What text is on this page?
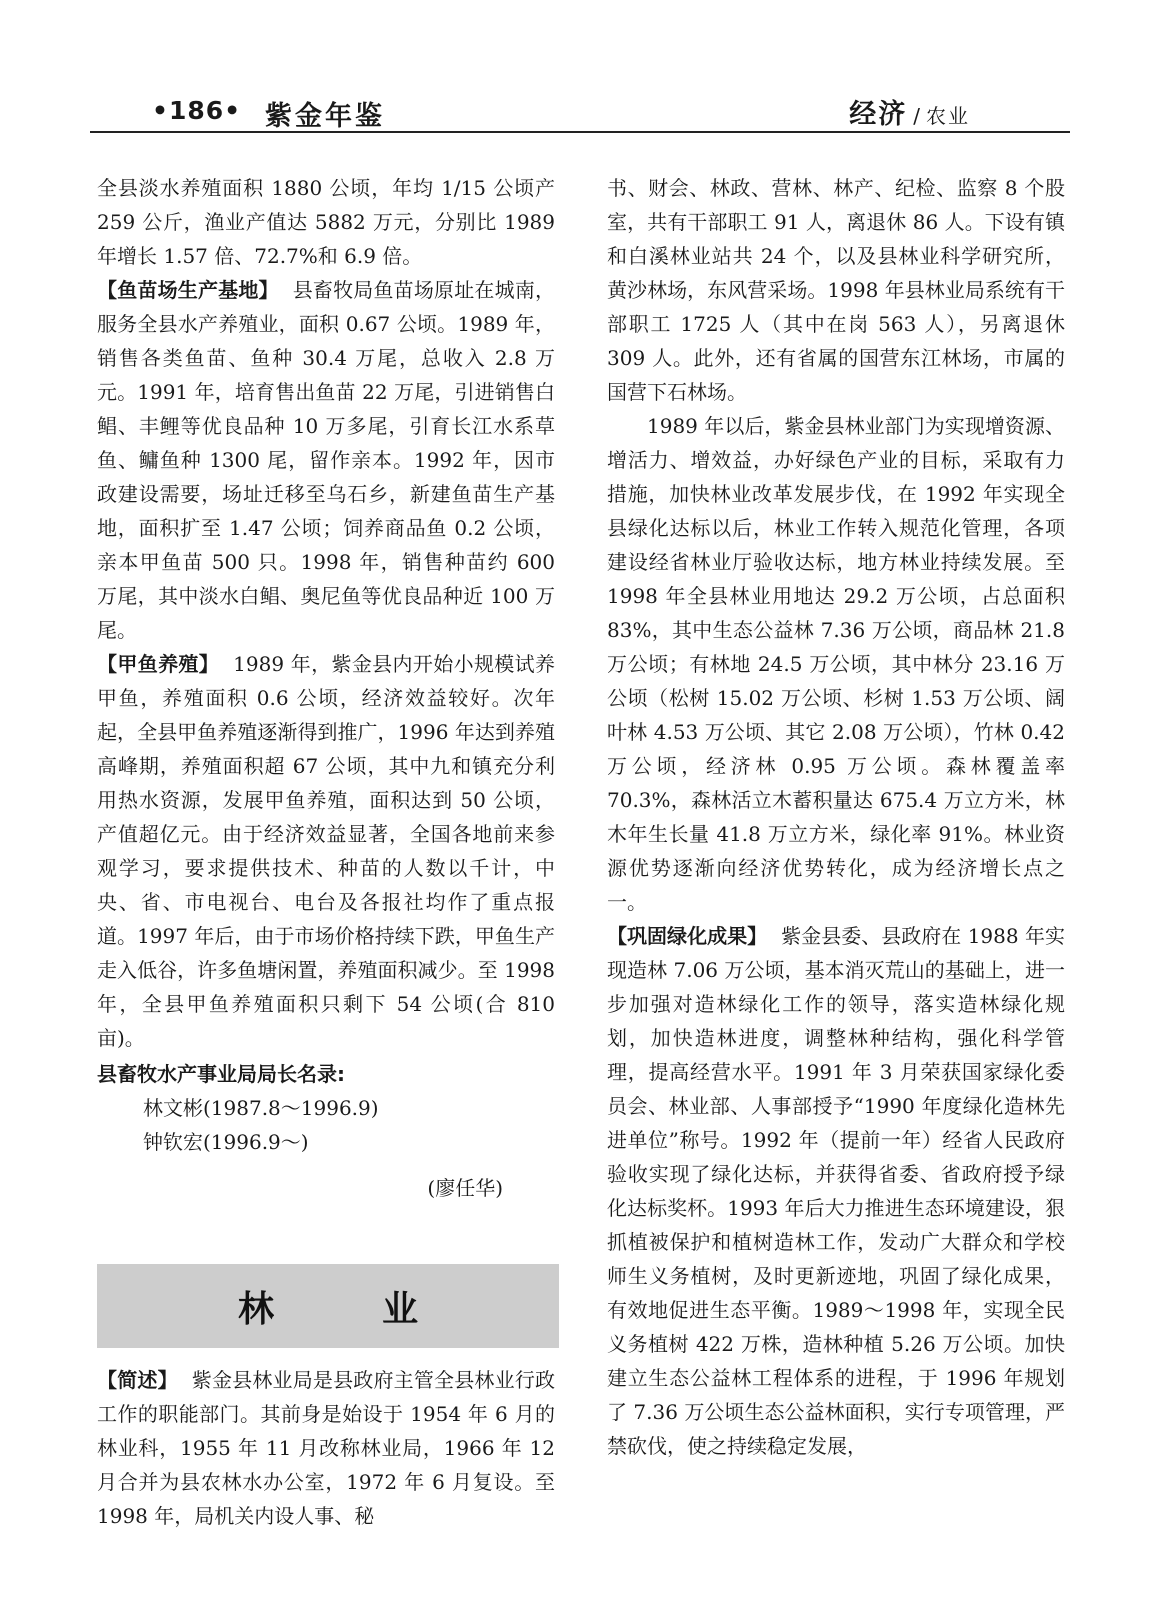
•186• 紫金年鉴	经济 / 农业

全县淡水养殖面积 1880 公顷，年均 1/15 公顷产 259 公斤，渔业产值达 5882 万元，分别比 1989 年增长 1.57 倍、72.7%和 6.9 倍。

【鱼苗场生产基地】 县畜牧局鱼苗场原址在城南，服务全县水产养殖业，面积 0.67 公顷。1989 年，销售各类鱼苗、鱼种 30.4 万尾，总收入 2.8 万元。1991 年，培育售出鱼苗 22 万尾，引进销售白鲳、丰鲤等优良品种 10 万多尾，引育长江水系草鱼、鳙鱼种 1300 尾，留作亲本。1992 年，因市政建设需要，场址迁移至乌石乡，新建鱼苗生产基地，面积扩至 1.47 公顷；饲养商品鱼 0.2 公顷，亲本甲鱼苗 500 只。1998 年，销售种苗约 600 万尾，其中淡水白鲳、奥尼鱼等优良品种近 100 万尾。

【甲鱼养殖】 1989 年，紫金县内开始小规模试养甲鱼，养殖面积 0.6 公顷，经济效益较好。次年起，全县甲鱼养殖逐渐得到推广，1996 年达到养殖高峰期，养殖面积超 67 公顷，其中九和镇充分利用热水资源，发展甲鱼养殖，面积达到 50 公顷，产值超亿元。由于经济效益显著，全国各地前来参观学习，要求提供技术、种苗的人数以千计，中央、省、市电视台、电台及各报社均作了重点报道。1997 年后，由于市场价格持续下跌，甲鱼生产走入低谷，许多鱼塘闲置，养殖面积减少。至 1998 年，全县甲鱼养殖面积只剩下 54 公顷(合 810 亩)。

县畜牧水产事业局局长名录:

林文彬(1987.8～1996.9)

钟钦宏(1996.9～)

(廖任华)

林业

【简述】 紫金县林业局是县政府主管全县林业行政工作的职能部门。其前身是始设于 1954 年 6 月的林业科，1955 年 11 月改称林业局，1966 年 12 月合并为县农林水办公室，1972 年 6 月复设。至 1998 年，局机关内设人事、秘

书、财会、林政、营林、林产、纪检、监察 8 个股室，共有干部职工 91 人，离退休 86 人。下设有镇和白溪林业站共 24 个，以及县林业科学研究所，黄沙林场，东风营采场。1998 年县林业局系统有干部职工 1725 人（其中在岗 563 人），另离退休 309 人。此外，还有省属的国营东江林场，市属的国营下石林场。

1989 年以后，紫金县林业部门为实现增资源、增活力、增效益，办好绿色产业的目标，采取有力措施，加快林业改革发展步伐，在 1992 年实现全县绿化达标以后，林业工作转入规范化管理，各项建设经省林业厅验收达标，地方林业持续发展。至 1998 年全县林业用地达 29.2 万公顷，占总面积 83%，其中生态公益林 7.36 万公顷，商品林 21.8 万公顷；有林地 24.5 万公顷，其中林分 23.16 万公顷（松树 15.02 万公顷、杉树 1.53 万公顷、阔叶林 4.53 万公顷、其它 2.08 万公顷），竹林 0.42 万公顷，经济林 0.95 万公顷。森林覆盖率 70.3%，森林活立木蓄积量达 675.4 万立方米，林木年生长量 41.8 万立方米，绿化率 91%。林业资源优势逐渐向经济优势转化，成为经济增长点之一。

【巩固绿化成果】 紫金县委、县政府在 1988 年实现造林 7.06 万公顷，基本消灭荒山的基础上，进一步加强对造林绿化工作的领导，落实造林绿化规划，加快造林进度，调整林种结构，强化科学管理，提高经营水平。1991 年 3 月荣获国家绿化委员会、林业部、人事部授予“1990 年度绿化造林先进单位”称号。1992 年（提前一年）经省人民政府验收实现了绿化达标，并获得省委、省政府授予绿化达标奖杯。1993 年后大力推进生态环境建设，狠抓植被保护和植树造林工作，发动广大群众和学校师生义务植树，及时更新迹地，巩固了绿化成果，有效地促进生态平衡。1989～1998 年，实现全民义务植树 422 万株，造林种植 5.26 万公顷。加快建立生态公益林工程体系的进程，于 1996 年规划了 7.36 万公顷生态公益林面积，实行专项管理，严禁砍伐，使之持续稳定发展，
